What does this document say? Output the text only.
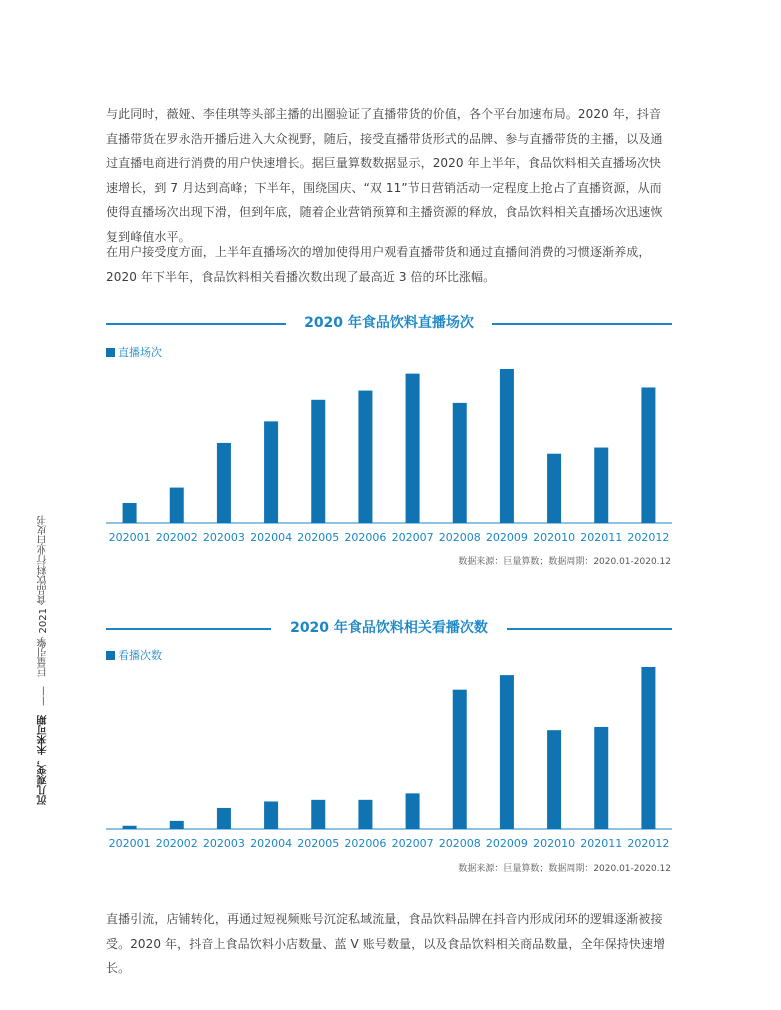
沉几观变，未来可期 —— 巨量引擎 2021 食品饮料行业白皮书

与此同时，薇娅、李佳琪等头部主播的出圈验证了直播带货的价值，各个平台加速布局。2020 年，抖音直播带货在罗永浩开播后进入大众视野，随后，接受直播带货形式的品牌、参与直播带货的主播，以及通过直播电商进行消费的用户快速增长。据巨量算数数据显示，2020 年上半年，食品饮料相关直播场次快速增长，到 7 月达到高峰；下半年，围绕国庆、“双 11”节日营销活动一定程度上抢占了直播资源，从而使得直播场次出现下滑，但到年底，随着企业营销预算和主播资源的释放，食品饮料相关直播场次迅速恢复到峰值水平。

在用户接受度方面，上半年直播场次的增加使得用户观看直播带货和通过直播间消费的习惯逐渐养成，2020 年下半年，食品饮料相关看播次数出现了最高近 3 倍的环比涨幅。

2020 年食品饮料直播场次
直播场次
202001 202002 202003 202004 202005 202006 202007 202008 202009 202010 202011 202012
数据来源：巨量算数；数据周期：2020.01-2020.12
2020 年食品饮料相关看播次数
看播次数
202001 202002 202003 202004 202005 202006 202007 202008 202009 202010 202011 202012
数据来源：巨量算数；数据周期：2020.01-2020.12

直播引流，店铺转化，再通过短视频账号沉淀私域流量，食品饮料品牌在抖音内形成闭环的逻辑逐渐被接受。2020 年，抖音上食品饮料小店数量、蓝 V 账号数量，以及食品饮料相关商品数量，全年保持快速增长。
